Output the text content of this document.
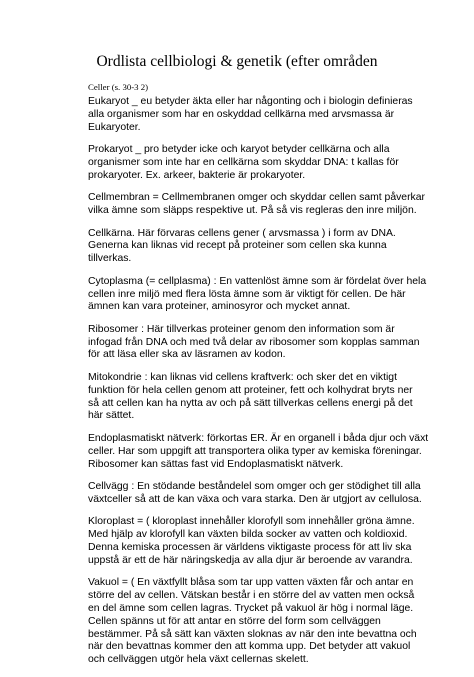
Ordlista cellbiologi & genetik (efter områden
Celler (s. 30-3 2)
Eukaryot _ eu betyder äkta eller har någonting och i biologin definieras
alla organismer som har en oskyddad cellkärna med arvsmassa är
Eukaryoter.
Prokaryot _ pro betyder icke och karyot betyder cellkärna och alla
organismer som inte har en cellkärna som skyddar DNA: t kallas för
prokaryoter. Ex. arkeer, bakterie är prokaryoter.
Cellmembran = Cellmembranen omger och skyddar cellen samt påverkar
vilka ämne som släpps respektive ut. På så vis regleras den inre miljön.
Cellkärna. Här förvaras cellens gener ( arvsmassa ) i form av DNA.
Generna kan liknas vid recept på proteiner som cellen ska kunna
tillverkas.
Cytoplasma (= cellplasma) : En vattenlöst ämne som är fördelat över hela
cellen inre miljö med flera lösta ämne som är viktigt för cellen. De här
ämnen kan vara proteiner, aminosyror och mycket annat.
Ribosomer : Här tillverkas proteiner genom den information som är
infogad från DNA och med två delar av ribosomer som kopplas samman
för att läsa eller ska av läsramen av kodon.
Mitokondrie : kan liknas vid cellens kraftverk: och sker det en viktigt
funktion för hela cellen genom att proteiner, fett och kolhydrat bryts ner
så att cellen kan ha nytta av och på sätt tillverkas cellens energi på det
här sättet.
Endoplasmatiskt nätverk: förkortas ER. Är en organell i båda djur och växt
celler. Har som uppgift att transportera olika typer av kemiska föreningar.
Ribosomer kan sättas fast vid Endoplasmatiskt nätverk.
Cellvägg : En stödande beståndelel som omger och ger stödighet till alla
växtceller så att de kan växa och vara starka. Den är utgjort av cellulosa.
Kloroplast = ( kloroplast innehåller klorofyll som innehåller gröna ämne.
Med hjälp av klorofyll kan växten bilda socker av vatten och koldioxid.
Denna kemiska processen är världens viktigaste process för att liv ska
uppstå är ett de här näringskedja av alla djur är beroende av varandra.
Vakuol = ( En växtfyllt blåsa som tar upp vatten växten får och antar en
större del av cellen. Vätskan består i en större del av vatten men också
en del ämne som cellen lagras. Trycket på vakuol är hög i normal läge.
Cellen spänns ut för att antar en större del form som cellväggen
bestämmer. På så sätt kan växten sloknas av när den inte bevattna och
när den bevattnas kommer den att komma upp. Det betyder att vakuol
och cellväggen utgör hela växt cellernas skelett.
